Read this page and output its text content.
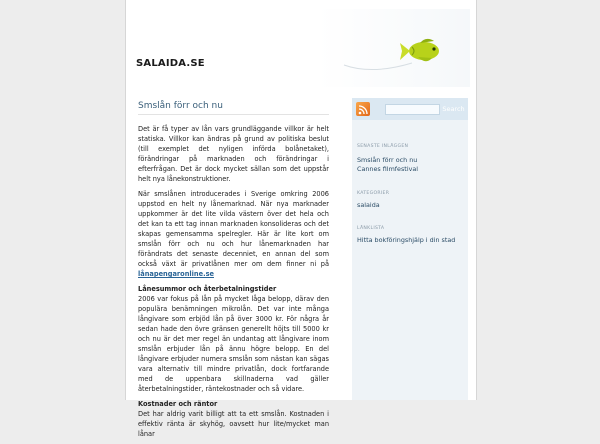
SALAIDA.SE
Smslån förr och nu

Det är få typer av lån vars grundläggande villkor är helt statiska. Villkor kan ändras på grund av politiska beslut (till exemplet det nyligen införda bolånetaket), förändringar på marknaden och förändringar i efterfrågan. Det är dock mycket sällan som det uppstår helt nya lånekonstruktioner.

När smslånen introducerades i Sverige omkring 2006 uppstod en helt ny lånemarknad. När nya marknader uppkommer är det lite vilda västern över det hela och det kan ta ett tag innan marknaden konsolideras och det skapas gemensamma spelregler. Här är lite kort om smslån förr och nu och hur lånemarknaden har förändrats det senaste decenniet, en annan del som också växt är privatlånen mer om dem finner ni på lånapengaronline.se

Lånesummor och återbetalningstider

2006 var fokus på lån på mycket låga belopp, därav den populära benämningen mikrolån. Det var inte många långivare som erbjöd lån på över 3000 kr. För några år sedan hade den övre gränsen generellt höjts till 5000 kr och nu är det mer regel än undantag att långivare inom smslån erbjuder lån på ännu högre belopp. En del långivare erbjuder numera smslån som nästan kan sägas vara alternativ till mindre privatlån, dock fortfarande med de uppenbara skillnaderna vad gäller återbetalningstider, räntekostnader och så vidare.

Kostnader och räntor

Det har aldrig varit billigt att ta ett smslån. Kostnaden i effektiv ränta är skyhög, oavsett hur lite/mycket man lånar

Search
SENASTE INLÄGGEN
Smslån förr och nu
Cannes filmfestival
KATEGORIER
salaida
LÄNKLISTA
Hitta bokföringshjälp i din stad
